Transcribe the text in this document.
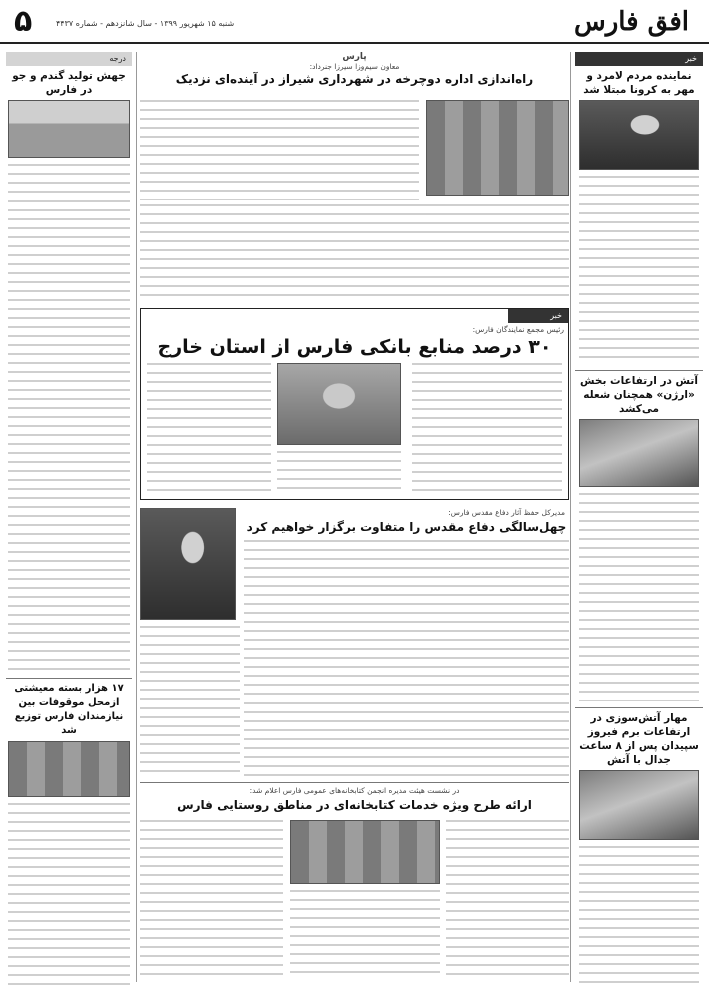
۵	شنبه ۱۵ شهریور ۱۳۹۹ - سال شانزدهم - شماره ۴۴۳۷	افق فارس
خبر
نماینده مردم لامرد و مهر به کرونا مبتلا شد
آتش در ارتفاعات بخش «ارژن» همچنان شعله می‌کشد
مهار آتش‌سوزی در ارتفاعات برم فیروز سپیدان پس از ۸ ساعت جدال با آتش
درجه
جهش تولید گندم و جو در فارس
۱۷ هزار بسته معیشتی ازمحل موقوفات بین نیازمندان فارس توزیع شد
پارس
معاون سیم‌وزا سیرزا جنرداد:
راه‌اندازی اداره دوچرخه در شهرداری شیراز در آینده‌ای نزدیک
خبر
رئیس مجمع نمایندگان فارس:
۳۰ درصد منابع بانکی فارس از استان خارج
مدیرکل حفظ آثار دفاع مقدس فارس:
چهل‌سالگی دفاع مقدس را متفاوت برگزار خواهیم کرد
در نشست هیئت مدیره انجمن کتابخانه‌های عمومی فارس اعلام شد:
ارائه طرح ویژه خدمات کتابخانه‌ای در مناطق روستایی فارس
